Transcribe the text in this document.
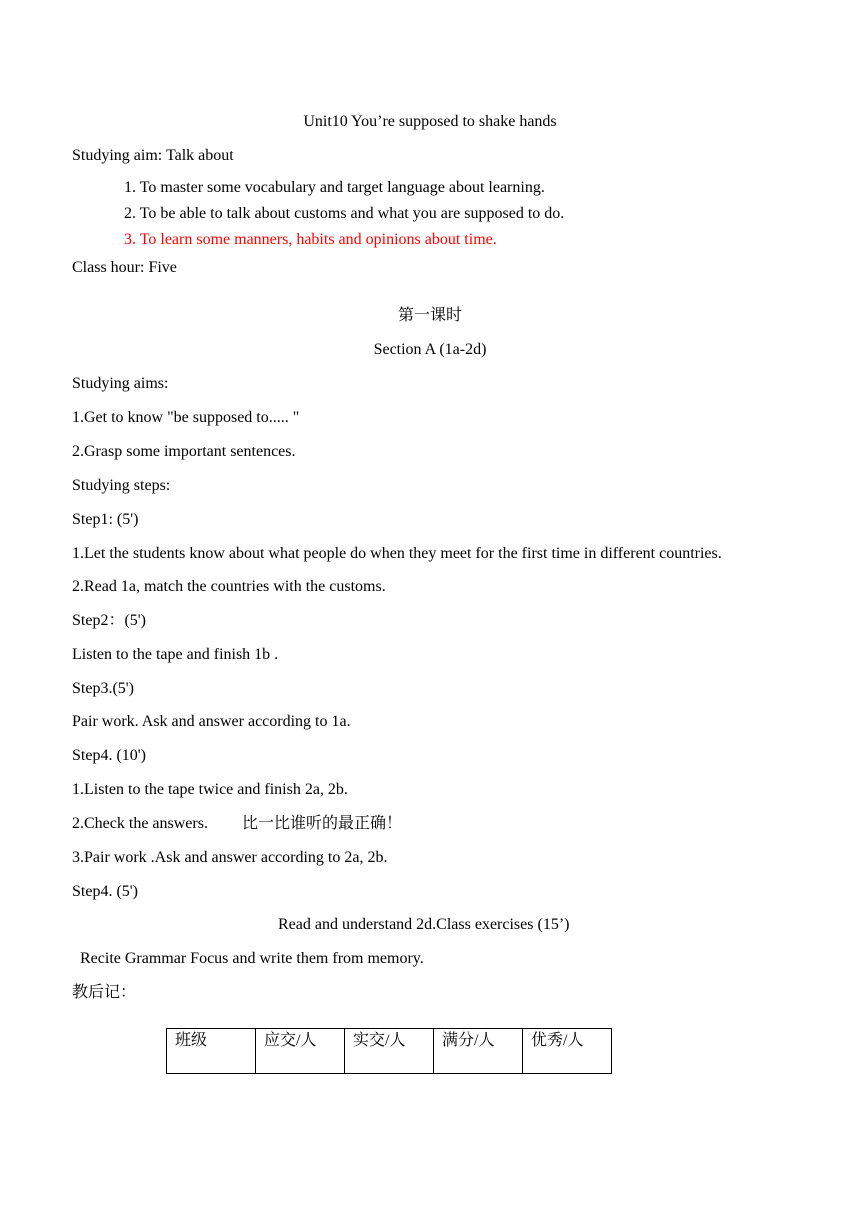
Unit10 You’re supposed to shake hands
Studying aim: Talk about
1. To master some vocabulary and target language about learning.
2. To be able to talk about customs and what you are supposed to do.
3. To learn some manners, habits and opinions about time.
Class hour: Five
第一课时
Section A (1a-2d)
Studying aims:
1.Get to know "be supposed to..... "
2.Grasp some important sentences.
Studying steps:
Step1: (5')
1.Let the students know about what people do when they meet for the first time in different countries.
2.Read 1a, match the countries with the customs.
Step2：(5')
Listen to the tape and finish 1b .
Step3.(5')
Pair work. Ask and answer according to 1a.
Step4. (10')
1.Listen to the tape twice and finish 2a, 2b.
2.Check the answers. 比一比谁听的最正确！
3.Pair work .Ask and answer according to 2a, 2b.
Step4. (5')
Read and understand 2d.Class exercises (15’)
Recite Grammar Focus and write them from memory.
教后记：
班级	应交/人	实交/人	满分/人	优秀/人
